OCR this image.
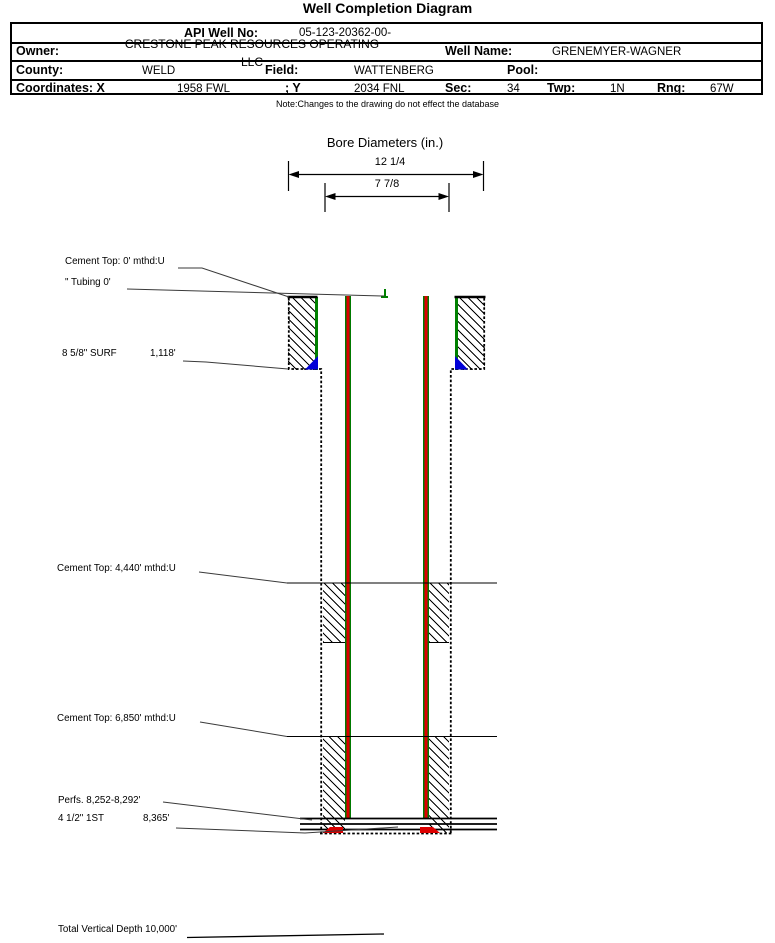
Well Completion Diagram
API Well No:	05-123-20362-00-
Owner:	CRESTONE PEAK RESOURCES OPERATING
LLC
Well Name:	GRENEMYER-WAGNER
County:	WELD	Field:	WATTENBERG	Pool:
Coordinates: X	1958 FWL	; Y	2034 FNL	Sec:	34 Twp:	1N	Rng: 67W
Note:Changes to the drawing do not effect the database
Bore Diameters (in.)
12 1/4
7 7/8
Cement Top: 0' mthd:U
" Tubing 0'
8 5/8" SURF	1,118'
Cement Top: 4,440' mthd:U
Cement Top: 6,850' mthd:U
Perfs. 8,252-8,292'
4 1/2" 1ST	8,365'
Total Vertical Depth 10,000'
